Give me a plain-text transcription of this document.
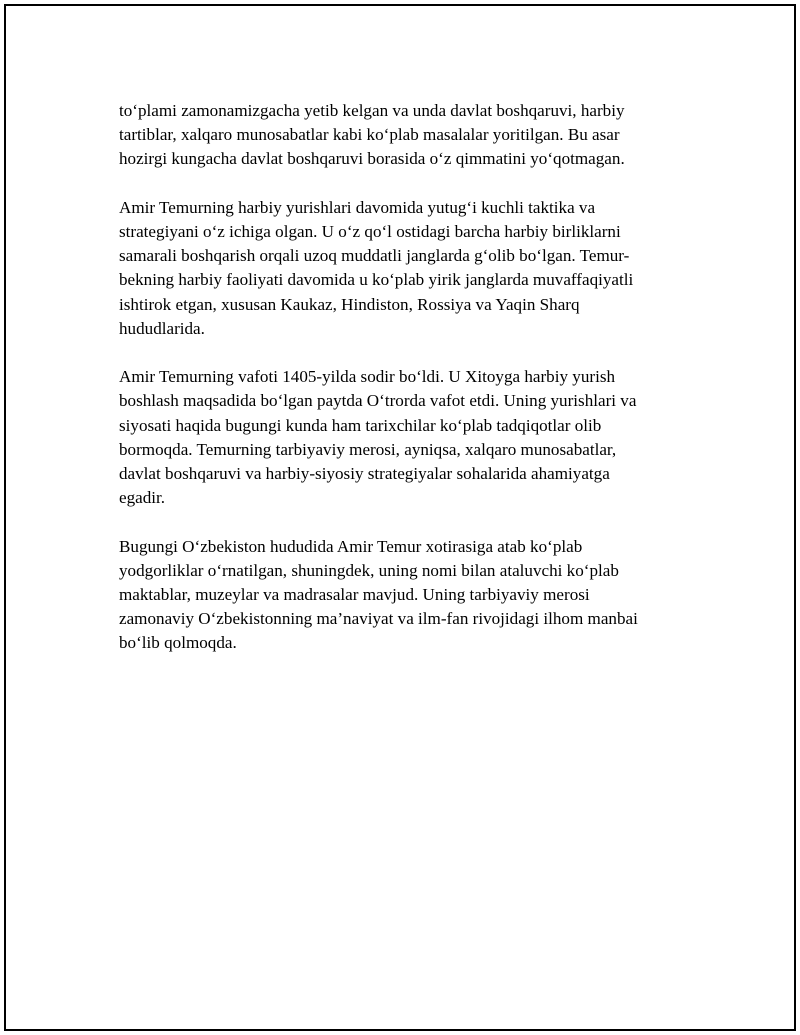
to‘plami zamonamizgacha yetib kelgan va unda davlat boshqaruvi, harbiy
tartiblar, xalqaro munosabatlar kabi ko‘plab masalalar yoritilgan. Bu asar
hozirgi kungacha davlat boshqaruvi borasida o‘z qimmatini yo‘qotmagan.

Amir Temurning harbiy yurishlari davomida yutug‘i kuchli taktika va
strategiyani o‘z ichiga olgan. U o‘z qo‘l ostidagi barcha harbiy birliklarni
samarali boshqarish orqali uzoq muddatli janglarda g‘olib bo‘lgan. Temur-
bekning harbiy faoliyati davomida u ko‘plab yirik janglarda muvaffaqiyatli
ishtirok etgan, xususan Kaukaz, Hindiston, Rossiya va Yaqin Sharq
hududlarida.

Amir Temurning vafoti 1405-yilda sodir bo‘ldi. U Xitoyga harbiy yurish
boshlash maqsadida bo‘lgan paytda O‘trorda vafot etdi. Uning yurishlari va
siyosati haqida bugungi kunda ham tarixchilar ko‘plab tadqiqotlar olib
bormoqda. Temurning tarbiyaviy merosi, ayniqsa, xalqaro munosabatlar,
davlat boshqaruvi va harbiy-siyosiy strategiyalar sohalarida ahamiyatga
egadir.

Bugungi O‘zbekiston hududida Amir Temur xotirasiga atab ko‘plab
yodgorliklar o‘rnatilgan, shuningdek, uning nomi bilan ataluvchi ko‘plab
maktablar, muzeylar va madrasalar mavjud. Uning tarbiyaviy merosi
zamonaviy O‘zbekistonning ma’naviyat va ilm-fan rivojidagi ilhom manbai
bo‘lib qolmoqda.
